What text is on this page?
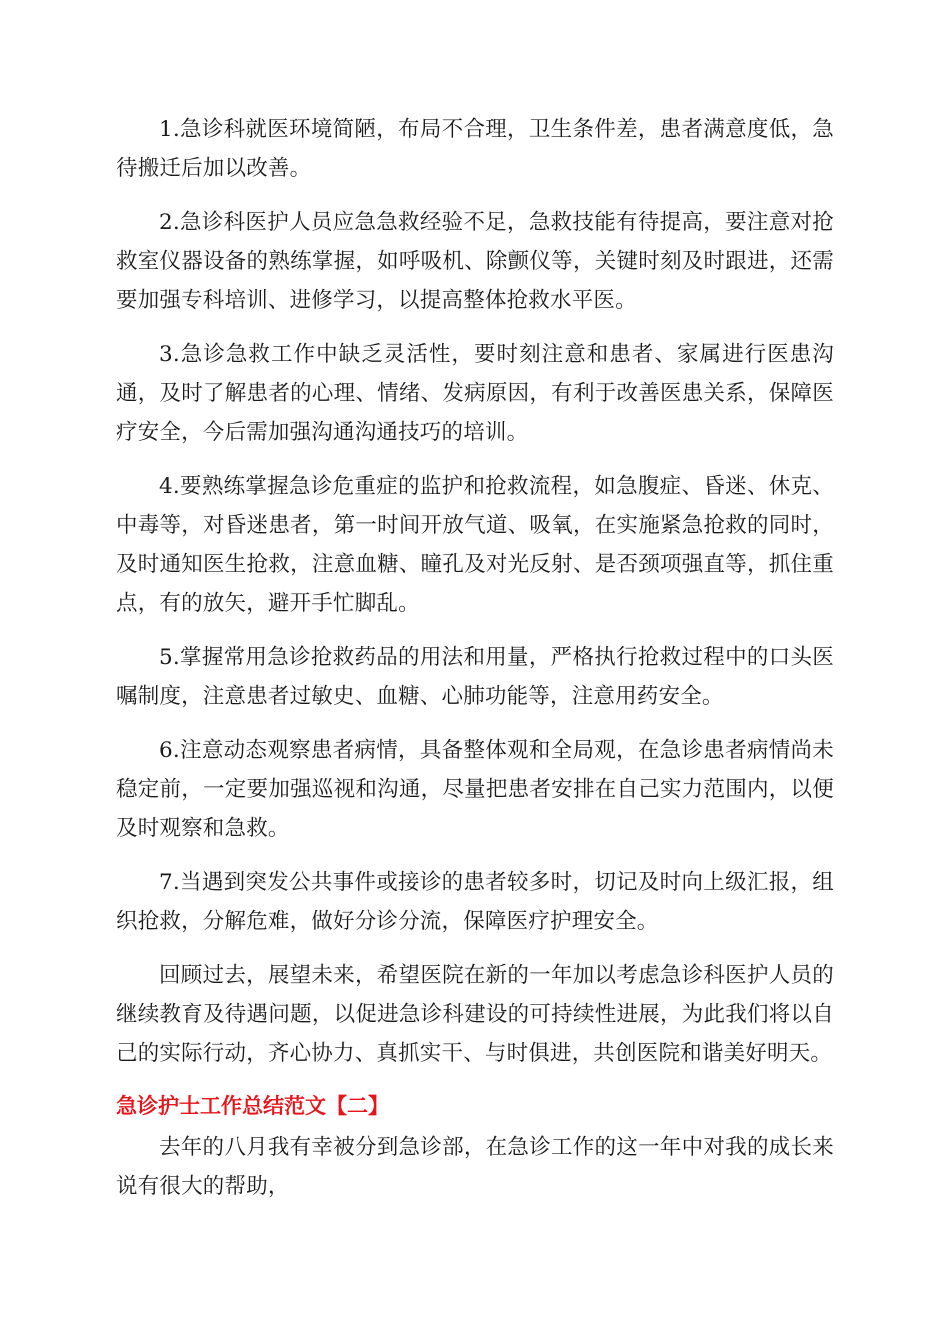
1.急诊科就医环境简陋，布局不合理，卫生条件差，患者满意度低，急待搬迁后加以改善。

2.急诊科医护人员应急急救经验不足，急救技能有待提高，要注意对抢救室仪器设备的熟练掌握，如呼吸机、除颤仪等，关键时刻及时跟进，还需要加强专科培训、进修学习，以提高整体抢救水平医。

3.急诊急救工作中缺乏灵活性，要时刻注意和患者、家属进行医患沟通，及时了解患者的心理、情绪、发病原因，有利于改善医患关系，保障医疗安全，今后需加强沟通沟通技巧的培训。

4.要熟练掌握急诊危重症的监护和抢救流程，如急腹症、昏迷、休克、中毒等，对昏迷患者，第一时间开放气道、吸氧，在实施紧急抢救的同时，及时通知医生抢救，注意血糖、瞳孔及对光反射、是否颈项强直等，抓住重点，有的放矢，避开手忙脚乱。

5.掌握常用急诊抢救药品的用法和用量，严格执行抢救过程中的口头医嘱制度，注意患者过敏史、血糖、心肺功能等，注意用药安全。

6.注意动态观察患者病情，具备整体观和全局观，在急诊患者病情尚未稳定前，一定要加强巡视和沟通，尽量把患者安排在自己实力范围内，以便及时观察和急救。

7.当遇到突发公共事件或接诊的患者较多时，切记及时向上级汇报，组织抢救，分解危难，做好分诊分流，保障医疗护理安全。

回顾过去，展望未来，希望医院在新的一年加以考虑急诊科医护人员的继续教育及待遇问题，以促进急诊科建设的可持续性进展，为此我们将以自己的实际行动，齐心协力、真抓实干、与时俱进，共创医院和谐美好明天。

急诊护士工作总结范文【二】

去年的八月我有幸被分到急诊部，在急诊工作的这一年中对我的成长来说有很大的帮助，
